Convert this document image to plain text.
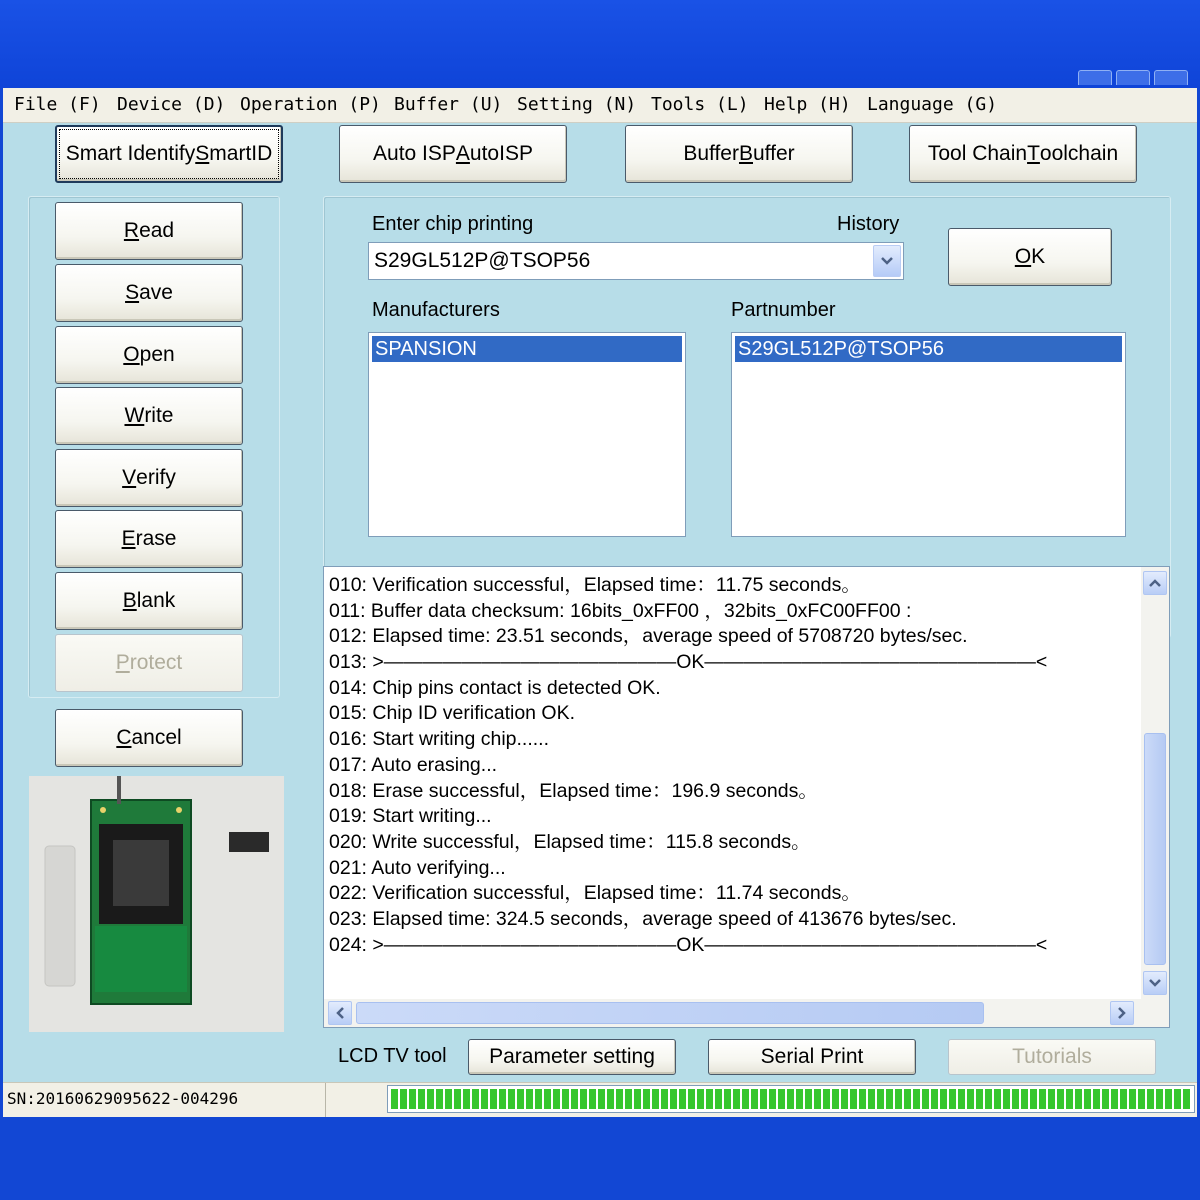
File (F) Device (D) Operation (P) Buffer (U) Setting (N) Tools (L) Help (H) Language (G)
Smart Identify S martID	Auto ISP A utoISP	Buffer B uffer	Tool Chain T oolchain
R ead
S ave
O pen
W rite
V erify
E rase
B lank
P rotect
C ancel
Enter chip printing	History
S29GL512P@TSOP56	O K
Manufacturers	Partnumber
SPANSION	S29GL512P@TSOP56
010: Verification successful，Elapsed time：11.75 seconds。
011: Buffer data checksum: 16bits_0xFF00 ，32bits_0xFC00FF00 :
012: Elapsed time: 23.51 seconds，average speed of 5708720 bytes/sec.
013: >―――――――――――――――OK―――――――――――――――――<
014: Chip pins contact is detected OK.
015: Chip ID verification OK.
016: Start writing chip......
017: Auto erasing...
018: Erase successful，Elapsed time：196.9 seconds。
019: Start writing...
020: Write successful，Elapsed time：115.8 seconds。
021: Auto verifying...
022: Verification successful，Elapsed time：11.74 seconds。
023: Elapsed time: 324.5 seconds，average speed of 413676 bytes/sec.
024: >―――――――――――――――OK―――――――――――――――――<
LCD TV tool	Parameter setting	Serial Print	Tutorials
SN:20160629095622-004296
